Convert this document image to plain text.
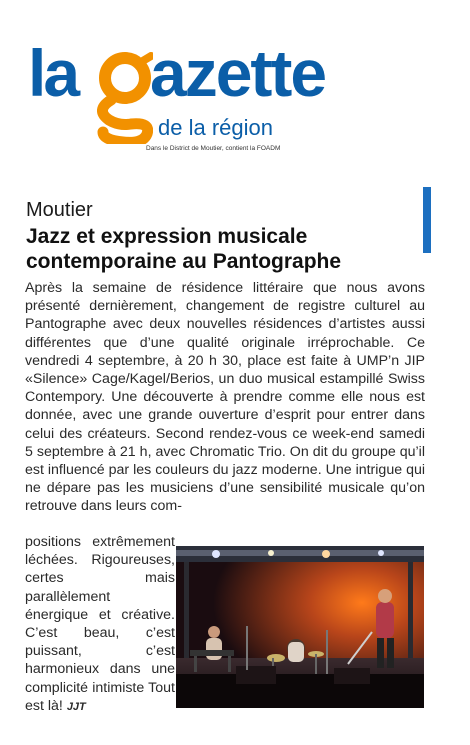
la azette
de la région
Dans le District de Moutier, contient la FOADM
Moutier
Jazz et expression musicale contemporaine au Pantographe

Après la semaine de résidence littéraire que nous avons présenté dernièrement, changement de registre culturel au Pantographe avec deux nouvelles résidences d’artistes aussi différentes que d’une qualité originale irréprochable. Ce vendredi 4 septembre, à 20 h 30, place est faite à UMP’n JIP «Silence» Cage/Kagel/Berios, un duo musical estampillé Swiss Contempory. Une découverte à prendre comme elle nous est donnée, avec une grande ouverture d’esprit pour entrer dans celui des créateurs. Second rendez-vous ce week-end samedi 5 septembre à 21 h, avec Chromatic Trio. On dit du groupe qu’il est influencé par les couleurs du jazz moderne. Une intrigue qui ne dépare pas les musiciens d’une sensibilité musicale qu’on retrouve dans leurs com-

positions extrêmement léchées. Rigoureuses, certes mais parallèlement énergique et créative. C’est beau, c’est puissant, c’est harmonieux dans une complicité intimiste Tout est là! JJT
